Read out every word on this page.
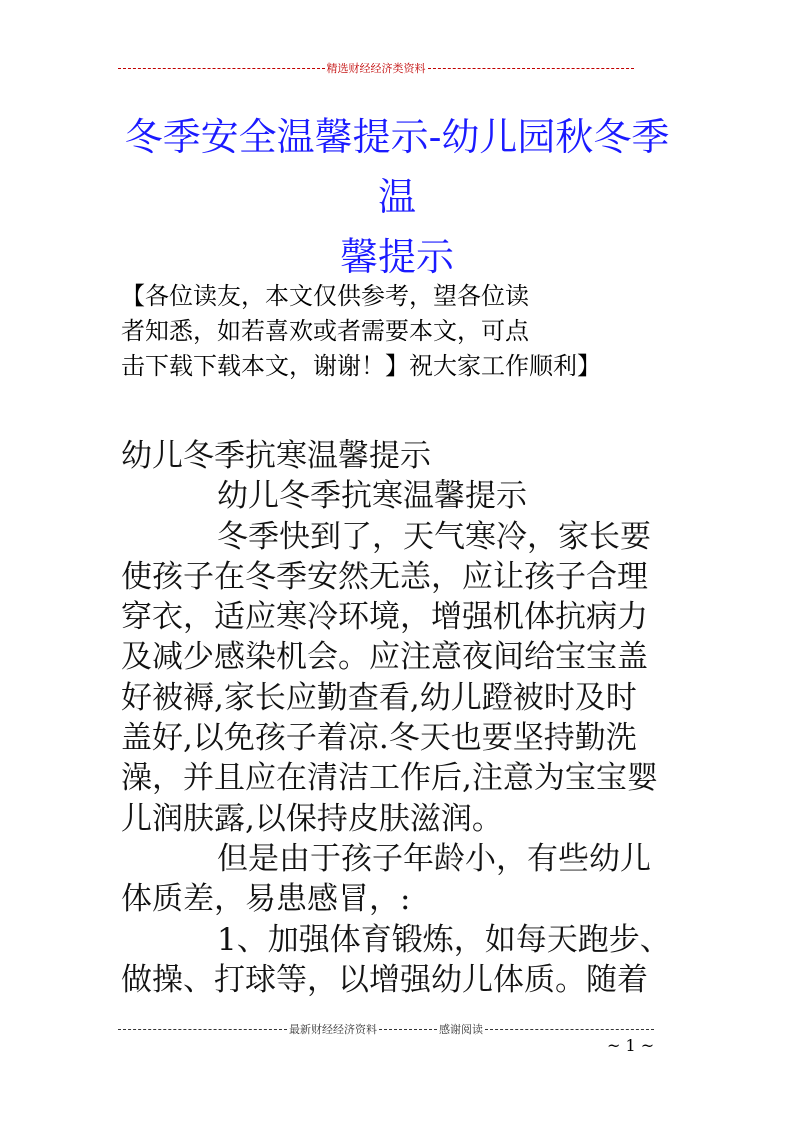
精选财经经济类资料
冬季安全温馨提示-幼儿园秋冬季温
馨提示
【各位读友，本文仅供参考，望各位读
者知悉，如若喜欢或者需要本文，可点
击下载下载本文，谢谢！】祝大家工作顺利】
幼儿冬季抗寒温馨提示
幼儿冬季抗寒温馨提示
冬季快到了，天气寒冷，家长要
使孩子在冬季安然无恙，应让孩子合理
穿衣，适应寒冷环境，增强机体抗病力
及减少感染机会。应注意夜间给宝宝盖
好被褥,家长应勤查看,幼儿蹬被时及时
盖好,以免孩子着凉.冬天也要坚持勤洗
澡，并且应在清洁工作后,注意为宝宝婴
儿润肤露,以保持皮肤滋润。
但是由于孩子年龄小，有些幼儿
体质差，易患感冒，:
1、加强体育锻炼，如每天跑步、
做操、打球等，以增强幼儿体质。随着
最新财经经济资料	感谢阅读
~ 1 ~
